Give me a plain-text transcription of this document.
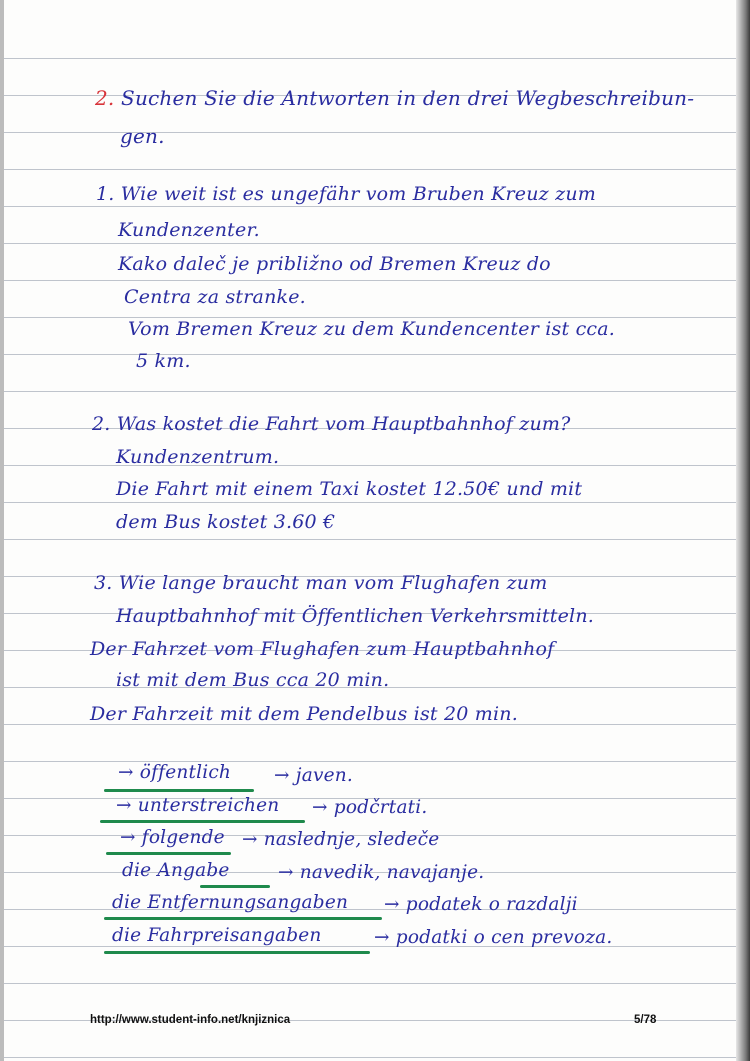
2. Suchen Sie die Antworten in den drei Wegbeschreibun-
gen.
1. Wie weit ist es ungefähr vom Bruben Kreuz zum
Kundenzenter.
Kako daleč je približno od Bremen Kreuz do
Centra za stranke.
Vom Bremen Kreuz zu dem Kundencenter ist cca.
5 km.
2. Was kostet die Fahrt vom Hauptbahnhof zum?
Kundenzentrum.
Die Fahrt mit einem Taxi kostet 12.50€ und mit
dem Bus kostet 3.60 €
3. Wie lange braucht man vom Flughafen zum
Hauptbahnhof mit Öffentlichen Verkehrsmitteln.
Der Fahrzet vom Flughafen zum Hauptbahnhof
ist mit dem Bus cca 20 min.
Der Fahrzeit mit dem Pendelbus ist 20 min.
→ öffentlich → javen.
→ unterstreichen → podčrtati.
→ folgende → naslednje, sledeče
die Angabe	→ navedik, navajanje.
die Entfernungsangaben → podatek o razdalji
die Fahrpreisangaben	→ podatki o cen prevoza.
http://www.student-info.net/knjiznica	5/78
